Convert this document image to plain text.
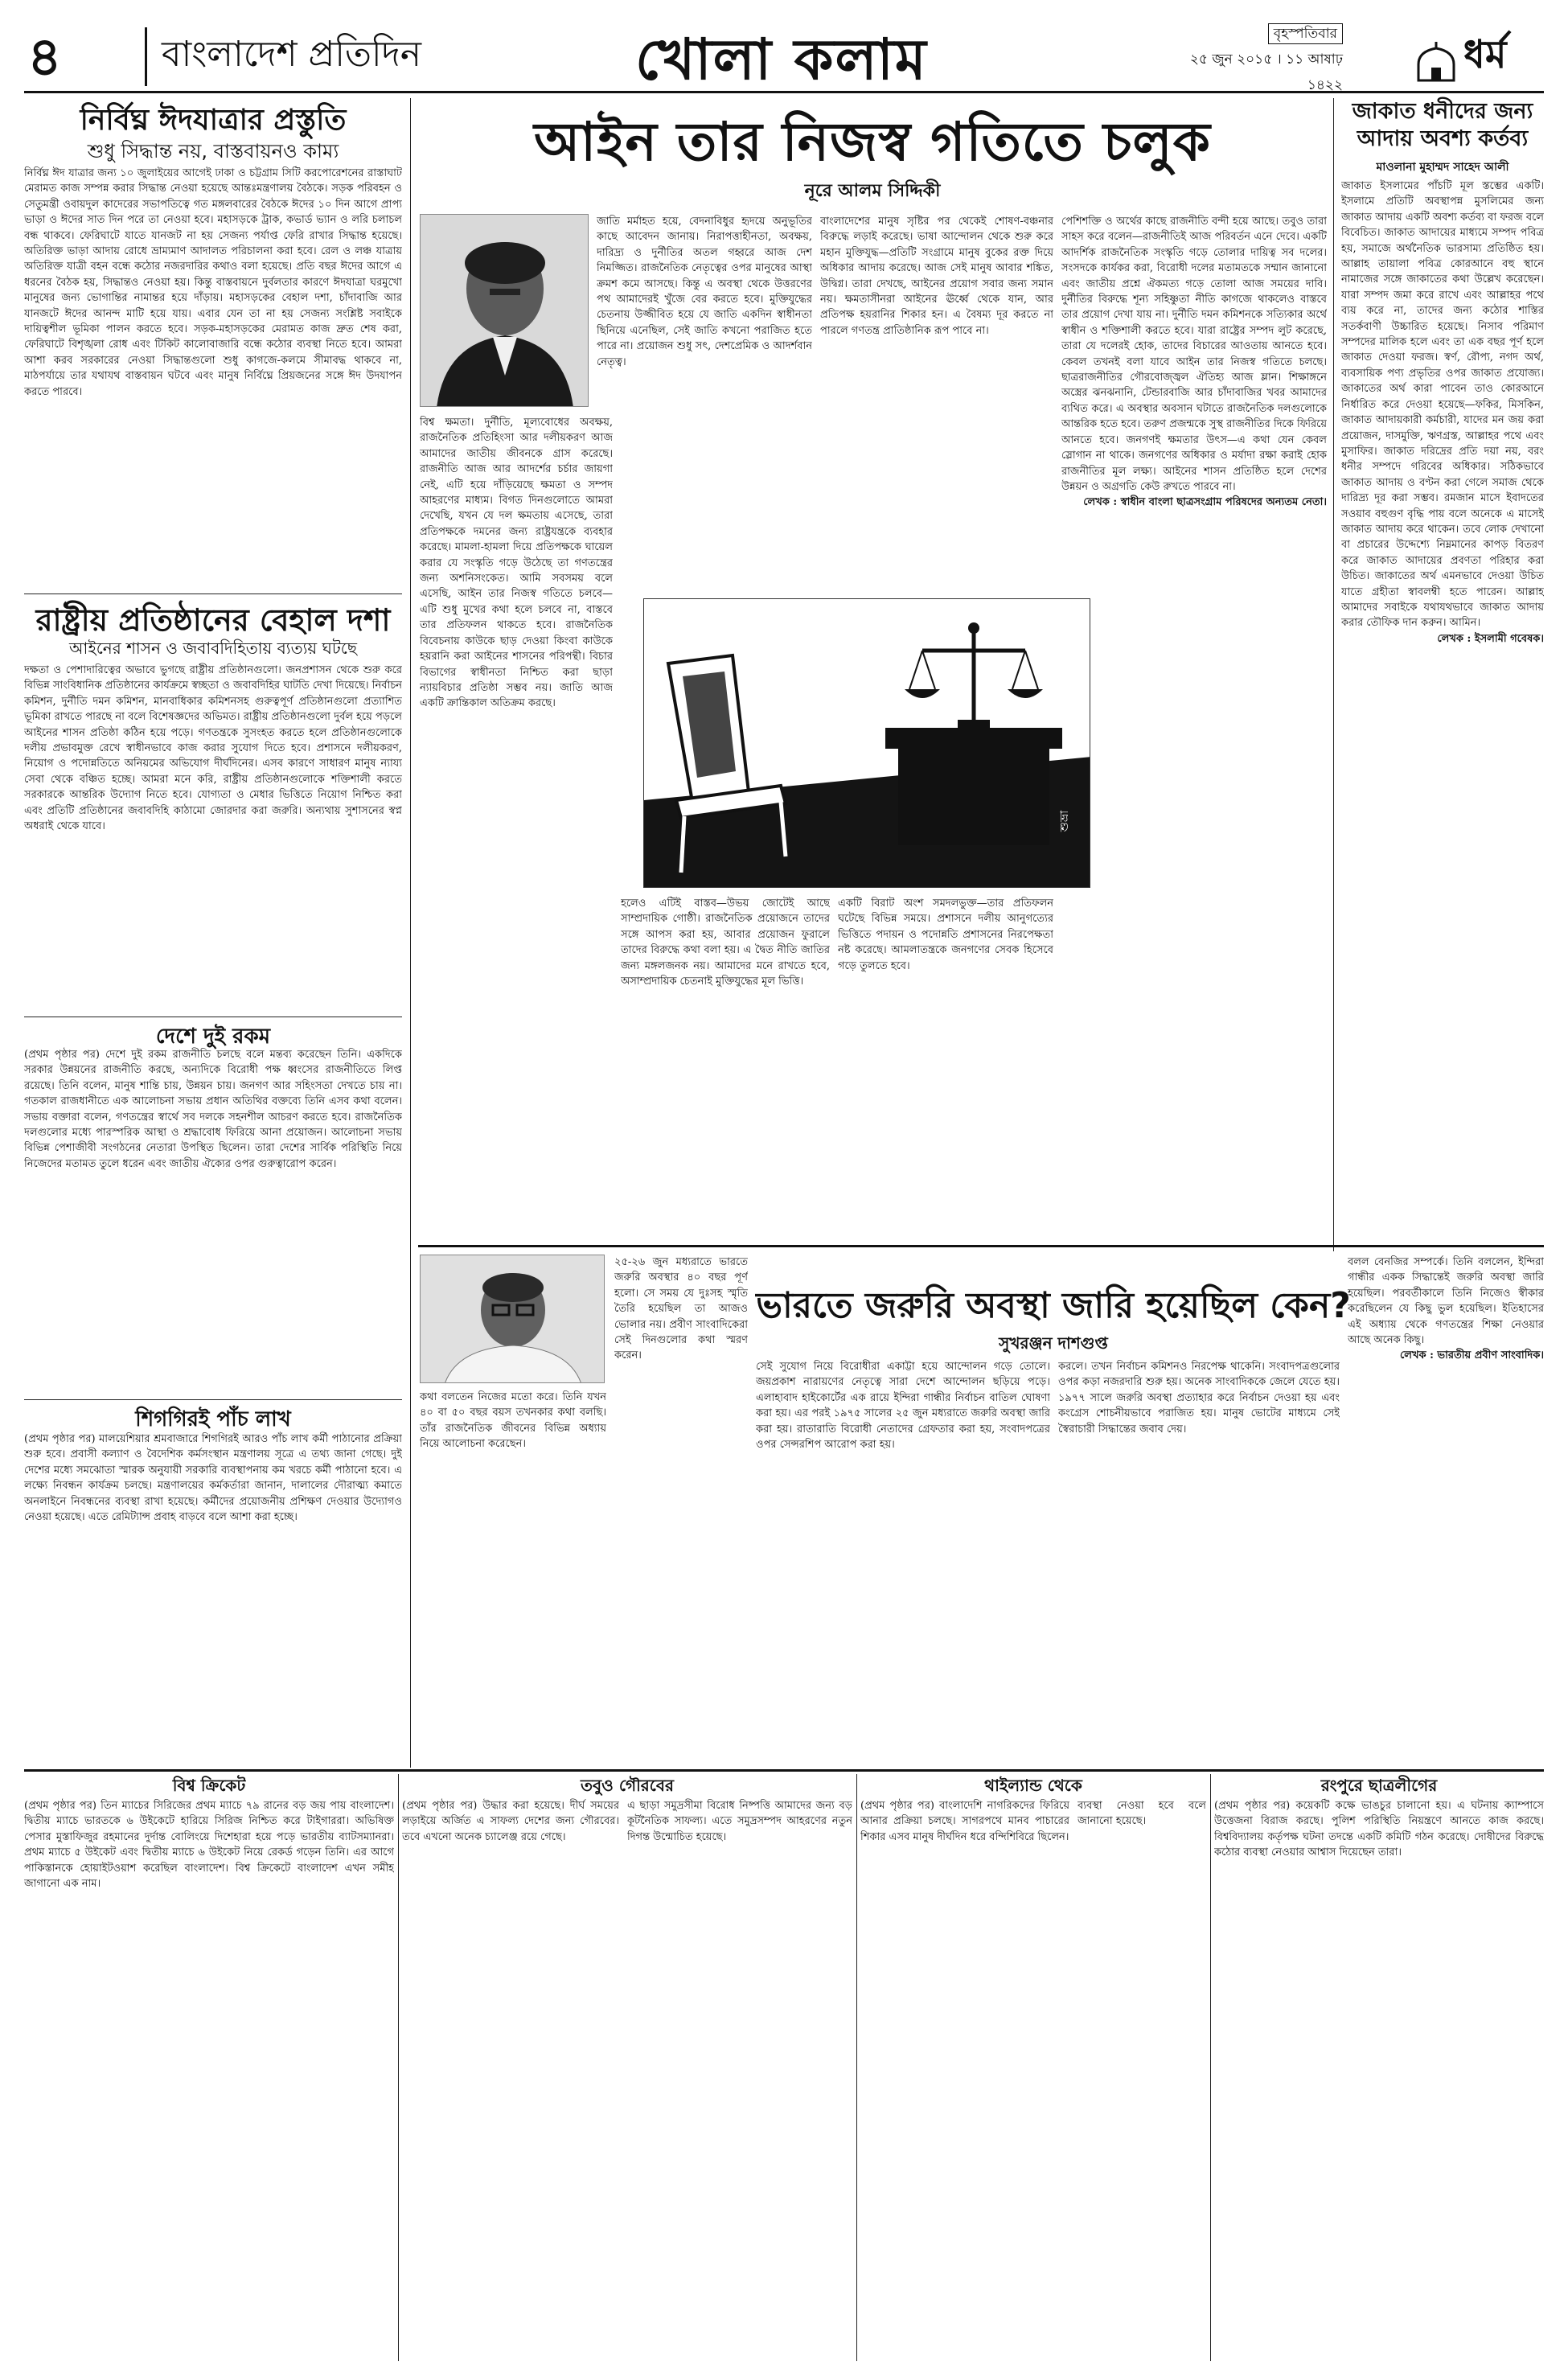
৪	বাংলাদেশ প্রতিদিন	খোলা কলাম	বৃহস্পতিবার
২৫ জুন ২০১৫ । ১১ আষাঢ় ১৪২২
ধর্ম
নির্বিঘ্ন ঈদযাত্রার প্রস্তুতি
শুধু সিদ্ধান্ত নয়, বাস্তবায়নও কাম্য
নির্বিঘ্ন ঈদ যাত্রার জন্য ১০ জুলাইয়ের আগেই ঢাকা ও চট্টগ্রাম সিটি করপোরেশনের রাস্তাঘাট মেরামত কাজ সম্পন্ন করার সিদ্ধান্ত নেওয়া হয়েছে আন্তঃমন্ত্রণালয় বৈঠকে। সড়ক পরিবহন ও সেতুমন্ত্রী ওবায়দুল কাদেরের সভাপতিত্বে গত মঙ্গলবারের বৈঠকে ঈদের ১০ দিন আগে প্রাপ্য ভাড়া ও ঈদের সাত দিন পরে তা নেওয়া হবে। মহাসড়কে ট্রাক, কভার্ড ভ্যান ও লরি চলাচল বন্ধ থাকবে। ফেরিঘাটে যাতে যানজট না হয় সেজন্য পর্যাপ্ত ফেরি রাখার সিদ্ধান্ত হয়েছে। অতিরিক্ত ভাড়া আদায় রোধে ভ্রাম্যমাণ আদালত পরিচালনা করা হবে। রেল ও লঞ্চ যাত্রায় অতিরিক্ত যাত্রী বহন বন্ধে কঠোর নজরদারির কথাও বলা হয়েছে। প্রতি বছর ঈদের আগে এ ধরনের বৈঠক হয়, সিদ্ধান্তও নেওয়া হয়। কিন্তু বাস্তবায়নে দুর্বলতার কারণে ঈদযাত্রা ঘরমুখো মানুষের জন্য ভোগান্তির নামান্তর হয়ে দাঁড়ায়। মহাসড়কের বেহাল দশা, চাঁদাবাজি আর যানজটে ঈদের আনন্দ মাটি হয়ে যায়। এবার যেন তা না হয় সেজন্য সংশ্লিষ্ট সবাইকে দায়িত্বশীল ভূমিকা পালন করতে হবে। সড়ক-মহাসড়কের মেরামত কাজ দ্রুত শেষ করা, ফেরিঘাটে বিশৃঙ্খলা রোধ এবং টিকিট কালোবাজারি বন্ধে কঠোর ব্যবস্থা নিতে হবে। আমরা আশা করব সরকারের নেওয়া সিদ্ধান্তগুলো শুধু কাগজে-কলমে সীমাবদ্ধ থাকবে না, মাঠপর্যায়ে তার যথাযথ বাস্তবায়ন ঘটবে এবং মানুষ নির্বিঘ্নে প্রিয়জনের সঙ্গে ঈদ উদযাপন করতে পারবে।
রাষ্ট্রীয় প্রতিষ্ঠানের বেহাল দশা
আইনের শাসন ও জবাবদিহিতায় ব্যত্যয় ঘটছে
দক্ষতা ও পেশাদারিত্বের অভাবে ভুগছে রাষ্ট্রীয় প্রতিষ্ঠানগুলো। জনপ্রশাসন থেকে শুরু করে বিভিন্ন সাংবিধানিক প্রতিষ্ঠানের কার্যক্রমে স্বচ্ছতা ও জবাবদিহির ঘাটতি দেখা দিয়েছে। নির্বাচন কমিশন, দুর্নীতি দমন কমিশন, মানবাধিকার কমিশনসহ গুরুত্বপূর্ণ প্রতিষ্ঠানগুলো প্রত্যাশিত ভূমিকা রাখতে পারছে না বলে বিশেষজ্ঞদের অভিমত। রাষ্ট্রীয় প্রতিষ্ঠানগুলো দুর্বল হয়ে পড়লে আইনের শাসন প্রতিষ্ঠা কঠিন হয়ে পড়ে। গণতন্ত্রকে সুসংহত করতে হলে প্রতিষ্ঠানগুলোকে দলীয় প্রভাবমুক্ত রেখে স্বাধীনভাবে কাজ করার সুযোগ দিতে হবে। প্রশাসনে দলীয়করণ, নিয়োগ ও পদোন্নতিতে অনিয়মের অভিযোগ দীর্ঘদিনের। এসব কারণে সাধারণ মানুষ ন্যায্য সেবা থেকে বঞ্চিত হচ্ছে। আমরা মনে করি, রাষ্ট্রীয় প্রতিষ্ঠানগুলোকে শক্তিশালী করতে সরকারকে আন্তরিক উদ্যোগ নিতে হবে। যোগ্যতা ও মেধার ভিত্তিতে নিয়োগ নিশ্চিত করা এবং প্রতিটি প্রতিষ্ঠানের জবাবদিহি কাঠামো জোরদার করা জরুরি। অন্যথায় সুশাসনের স্বপ্ন অধরাই থেকে যাবে।
দেশে দুই রকম
(প্রথম পৃষ্ঠার পর) দেশে দুই রকম রাজনীতি চলছে বলে মন্তব্য করেছেন তিনি। একদিকে সরকার উন্নয়নের রাজনীতি করছে, অন্যদিকে বিরোধী পক্ষ ধ্বংসের রাজনীতিতে লিপ্ত রয়েছে। তিনি বলেন, মানুষ শান্তি চায়, উন্নয়ন চায়। জনগণ আর সহিংসতা দেখতে চায় না। গতকাল রাজধানীতে এক আলোচনা সভায় প্রধান অতিথির বক্তব্যে তিনি এসব কথা বলেন। সভায় বক্তারা বলেন, গণতন্ত্রের স্বার্থে সব দলকে সহনশীল আচরণ করতে হবে। রাজনৈতিক দলগুলোর মধ্যে পারস্পরিক আস্থা ও শ্রদ্ধাবোধ ফিরিয়ে আনা প্রয়োজন। আলোচনা সভায় বিভিন্ন পেশাজীবী সংগঠনের নেতারা উপস্থিত ছিলেন। তারা দেশের সার্বিক পরিস্থিতি নিয়ে নিজেদের মতামত তুলে ধরেন এবং জাতীয় ঐক্যের ওপর গুরুত্বারোপ করেন।
শিগগিরই পাঁচ লাখ
(প্রথম পৃষ্ঠার পর) মালয়েশিয়ার শ্রমবাজারে শিগগিরই আরও পাঁচ লাখ কর্মী পাঠানোর প্রক্রিয়া শুরু হবে। প্রবাসী কল্যাণ ও বৈদেশিক কর্মসংস্থান মন্ত্রণালয় সূত্রে এ তথ্য জানা গেছে। দুই দেশের মধ্যে সমঝোতা স্মারক অনুযায়ী সরকারি ব্যবস্থাপনায় কম খরচে কর্মী পাঠানো হবে। এ লক্ষ্যে নিবন্ধন কার্যক্রম চলছে। মন্ত্রণালয়ের কর্মকর্তারা জানান, দালালের দৌরাত্ম্য কমাতে অনলাইনে নিবন্ধনের ব্যবস্থা রাখা হয়েছে। কর্মীদের প্রয়োজনীয় প্রশিক্ষণ দেওয়ার উদ্যোগও নেওয়া হয়েছে। এতে রেমিট্যান্স প্রবাহ বাড়বে বলে আশা করা হচ্ছে।
জাকাত ধনীদের জন্য আদায় অবশ্য কর্তব্য
মাওলানা মুহাম্মদ সাহেদ আলী
জাকাত ইসলামের পাঁচটি মূল স্তম্ভের একটি। ইসলামে প্রতিটি অবস্থাপন্ন মুসলিমের জন্য জাকাত আদায় একটি অবশ্য কর্তব্য বা ফরজ বলে বিবেচিত। জাকাত আদায়ের মাধ্যমে সম্পদ পবিত্র হয়, সমাজে অর্থনৈতিক ভারসাম্য প্রতিষ্ঠিত হয়। আল্লাহ তায়ালা পবিত্র কোরআনে বহু স্থানে নামাজের সঙ্গে জাকাতের কথা উল্লেখ করেছেন। যারা সম্পদ জমা করে রাখে এবং আল্লাহর পথে ব্যয় করে না, তাদের জন্য কঠোর শাস্তির সতর্কবাণী উচ্চারিত হয়েছে। নিসাব পরিমাণ সম্পদের মালিক হলে এবং তা এক বছর পূর্ণ হলে জাকাত দেওয়া ফরজ। স্বর্ণ, রৌপ্য, নগদ অর্থ, ব্যবসায়িক পণ্য প্রভৃতির ওপর জাকাত প্রযোজ্য। জাকাতের অর্থ কারা পাবেন তাও কোরআনে নির্ধারিত করে দেওয়া হয়েছে—ফকির, মিসকিন, জাকাত আদায়কারী কর্মচারী, যাদের মন জয় করা প্রয়োজন, দাসমুক্তি, ঋণগ্রস্ত, আল্লাহর পথে এবং মুসাফির। জাকাত দরিদ্রের প্রতি দয়া নয়, বরং ধনীর সম্পদে গরিবের অধিকার। সঠিকভাবে জাকাত আদায় ও বণ্টন করা গেলে সমাজ থেকে দারিদ্র্য দূর করা সম্ভব। রমজান মাসে ইবাদতের সওয়াব বহুগুণ বৃদ্ধি পায় বলে অনেকে এ মাসেই জাকাত আদায় করে থাকেন। তবে লোক দেখানো বা প্রচারের উদ্দেশ্যে নিম্নমানের কাপড় বিতরণ করে জাকাত আদায়ের প্রবণতা পরিহার করা উচিত। জাকাতের অর্থ এমনভাবে দেওয়া উচিত যাতে গ্রহীতা স্বাবলম্বী হতে পারেন। আল্লাহ আমাদের সবাইকে যথাযথভাবে জাকাত আদায় করার তৌফিক দান করুন। আমিন।
লেখক : ইসলামী গবেষক।
আইন তার নিজস্ব গতিতে চলুক
নূরে আলম সিদ্দিকী
বিশ্ব ক্ষমতা। দুর্নীতি, মূল্যবোধের অবক্ষয়, রাজনৈতিক প্রতিহিংসা আর দলীয়করণ আজ আমাদের জাতীয় জীবনকে গ্রাস করেছে। রাজনীতি আজ আর আদর্শের চর্চার জায়গা নেই, এটি হয়ে দাঁড়িয়েছে ক্ষমতা ও সম্পদ আহরণের মাধ্যম। বিগত দিনগুলোতে আমরা দেখেছি, যখন যে দল ক্ষমতায় এসেছে, তারা প্রতিপক্ষকে দমনের জন্য রাষ্ট্রযন্ত্রকে ব্যবহার করেছে। মামলা-হামলা দিয়ে প্রতিপক্ষকে ঘায়েল করার যে সংস্কৃতি গড়ে উঠেছে তা গণতন্ত্রের জন্য অশনিসংকেত। আমি সবসময় বলে এসেছি, আইন তার নিজস্ব গতিতে চলবে—এটি শুধু মুখের কথা হলে চলবে না, বাস্তবে তার প্রতিফলন থাকতে হবে। রাজনৈতিক বিবেচনায় কাউকে ছাড় দেওয়া কিংবা কাউকে হয়রানি করা আইনের শাসনের পরিপন্থী। বিচার বিভাগের স্বাধীনতা নিশ্চিত করা ছাড়া ন্যায়বিচার প্রতিষ্ঠা সম্ভব নয়। জাতি আজ একটি ক্রান্তিকাল অতিক্রম করছে।
জাতি মর্মাহত হয়ে, বেদনাবিধুর হৃদয়ে অনুভূতির কাছে আবেদন জানায়। নিরাপত্তাহীনতা, অবক্ষয়, দারিদ্র্য ও দুর্নীতির অতল গহ্বরে আজ দেশ নিমজ্জিত। রাজনৈতিক নেতৃত্বের ওপর মানুষের আস্থা ক্রমশ কমে আসছে। কিন্তু এ অবস্থা থেকে উত্তরণের পথ আমাদেরই খুঁজে বের করতে হবে। মুক্তিযুদ্ধের চেতনায় উজ্জীবিত হয়ে যে জাতি একদিন স্বাধীনতা ছিনিয়ে এনেছিল, সেই জাতি কখনো পরাজিত হতে পারে না। প্রয়োজন শুধু সৎ, দেশপ্রেমিক ও আদর্শবান নেতৃত্ব।
বাংলাদেশের মানুষ সৃষ্টির পর থেকেই শোষণ-বঞ্চনার বিরুদ্ধে লড়াই করেছে। ভাষা আন্দোলন থেকে শুরু করে মহান মুক্তিযুদ্ধ—প্রতিটি সংগ্রামে মানুষ বুকের রক্ত দিয়ে অধিকার আদায় করেছে। আজ সেই মানুষ আবার শঙ্কিত, উদ্বিগ্ন। তারা দেখছে, আইনের প্রয়োগ সবার জন্য সমান নয়। ক্ষমতাসীনরা আইনের ঊর্ধ্বে থেকে যান, আর প্রতিপক্ষ হয়রানির শিকার হন। এ বৈষম্য দূর করতে না পারলে গণতন্ত্র প্রাতিষ্ঠানিক রূপ পাবে না।
পেশিশক্তি ও অর্থের কাছে রাজনীতি বন্দী হয়ে আছে। তবুও তারা সাহস করে বলেন—রাজনীতিই আজ পরিবর্তন এনে দেবে। একটি আদর্শিক রাজনৈতিক সংস্কৃতি গড়ে তোলার দায়িত্ব সব দলের। সংসদকে কার্যকর করা, বিরোধী দলের মতামতকে সম্মান জানানো এবং জাতীয় প্রশ্নে ঐকমত্য গড়ে তোলা আজ সময়ের দাবি। দুর্নীতির বিরুদ্ধে শূন্য সহিষ্ণুতা নীতি কাগজে থাকলেও বাস্তবে তার প্রয়োগ দেখা যায় না। দুর্নীতি দমন কমিশনকে সত্যিকার অর্থে স্বাধীন ও শক্তিশালী করতে হবে। যারা রাষ্ট্রের সম্পদ লুট করেছে, তারা যে দলেরই হোক, তাদের বিচারের আওতায় আনতে হবে। কেবল তখনই বলা যাবে আইন তার নিজস্ব গতিতে চলছে। ছাত্ররাজনীতির গৌরবোজ্জ্বল ঐতিহ্য আজ ম্লান। শিক্ষাঙ্গনে অস্ত্রের ঝনঝনানি, টেন্ডারবাজি আর চাঁদাবাজির খবর আমাদের ব্যথিত করে। এ অবস্থার অবসান ঘটাতে রাজনৈতিক দলগুলোকে আন্তরিক হতে হবে। তরুণ প্রজন্মকে সুস্থ রাজনীতির দিকে ফিরিয়ে আনতে হবে। জনগণই ক্ষমতার উৎস—এ কথা যেন কেবল স্লোগান না থাকে। জনগণের অধিকার ও মর্যাদা রক্ষা করাই হোক রাজনীতির মূল লক্ষ্য। আইনের শাসন প্রতিষ্ঠিত হলে দেশের উন্নয়ন ও অগ্রগতি কেউ রুখতে পারবে না।
লেখক : স্বাধীন বাংলা ছাত্রসংগ্রাম পরিষদের অন্যতম নেতা।
শুভ্রা
হলেও এটিই বাস্তব—উভয় জোটেই আছে সাম্প্রদায়িক গোষ্ঠী। রাজনৈতিক প্রয়োজনে তাদের সঙ্গে আপস করা হয়, আবার প্রয়োজন ফুরালে তাদের বিরুদ্ধে কথা বলা হয়। এ দ্বৈত নীতি জাতির জন্য মঙ্গলজনক নয়। আমাদের মনে রাখতে হবে, অসাম্প্রদায়িক চেতনাই মুক্তিযুদ্ধের মূল ভিত্তি।
একটি বিরাট অংশ সমদলভুক্ত—তার প্রতিফলন ঘটেছে বিভিন্ন সময়ে। প্রশাসনে দলীয় আনুগত্যের ভিত্তিতে পদায়ন ও পদোন্নতি প্রশাসনের নিরপেক্ষতা নষ্ট করেছে। আমলাতন্ত্রকে জনগণের সেবক হিসেবে গড়ে তুলতে হবে।
কথা বলতেন নিজের মতো করে। তিনি যখন ৪০ বা ৫০ বছর বয়স তখনকার কথা বলছি। তাঁর রাজনৈতিক জীবনের বিভিন্ন অধ্যায় নিয়ে আলোচনা করেছেন।
২৫-২৬ জুন মধ্যরাতে ভারতে জরুরি অবস্থার ৪০ বছর পূর্ণ হলো। সে সময় যে দুঃসহ স্মৃতি তৈরি হয়েছিল তা আজও ভোলার নয়। প্রবীণ সাংবাদিকেরা সেই দিনগুলোর কথা স্মরণ করেন।
ভারতে জরুরি অবস্থা জারি হয়েছিল কেন?
সুখরঞ্জন দাশগুপ্ত
সেই সুযোগ নিয়ে বিরোধীরা একাট্টা হয়ে আন্দোলন গড়ে তোলে। জয়প্রকাশ নারায়ণের নেতৃত্বে সারা দেশে আন্দোলন ছড়িয়ে পড়ে। এলাহাবাদ হাইকোর্টের এক রায়ে ইন্দিরা গান্ধীর নির্বাচন বাতিল ঘোষণা করা হয়। এর পরই ১৯৭৫ সালের ২৫ জুন মধ্যরাতে জরুরি অবস্থা জারি করা হয়। রাতারাতি বিরোধী নেতাদের গ্রেফতার করা হয়, সংবাদপত্রের ওপর সেন্সরশিপ আরোপ করা হয়।
করলে। তখন নির্বাচন কমিশনও নিরপেক্ষ থাকেনি। সংবাদপত্রগুলোর ওপর কড়া নজরদারি শুরু হয়। অনেক সাংবাদিককে জেলে যেতে হয়। ১৯৭৭ সালে জরুরি অবস্থা প্রত্যাহার করে নির্বাচন দেওয়া হয় এবং কংগ্রেস শোচনীয়ভাবে পরাজিত হয়। মানুষ ভোটের মাধ্যমে সেই স্বৈরাচারী সিদ্ধান্তের জবাব দেয়।
বলল বেনজির সম্পর্কে। তিনি বললেন, ইন্দিরা গান্ধীর একক সিদ্ধান্তেই জরুরি অবস্থা জারি হয়েছিল। পরবর্তীকালে তিনি নিজেও স্বীকার করেছিলেন যে কিছু ভুল হয়েছিল। ইতিহাসের এই অধ্যায় থেকে গণতন্ত্রের শিক্ষা নেওয়ার আছে অনেক কিছু।
লেখক : ভারতীয় প্রবীণ সাংবাদিক।
বিশ্ব ক্রিকেট
(প্রথম পৃষ্ঠার পর) তিন ম্যাচের সিরিজের প্রথম ম্যাচে ৭৯ রানের বড় জয় পায় বাংলাদেশ। দ্বিতীয় ম্যাচে ভারতকে ৬ উইকেটে হারিয়ে সিরিজ নিশ্চিত করে টাইগাররা। অভিষিক্ত পেসার মুস্তাফিজুর রহমানের দুর্দান্ত বোলিংয়ে দিশেহারা হয়ে পড়ে ভারতীয় ব্যাটসম্যানরা। প্রথম ম্যাচে ৫ উইকেট এবং দ্বিতীয় ম্যাচে ৬ উইকেট নিয়ে রেকর্ড গড়েন তিনি। এর আগে পাকিস্তানকে হোয়াইটওয়াশ করেছিল বাংলাদেশ। বিশ্ব ক্রিকেটে বাংলাদেশ এখন সমীহ জাগানো এক নাম।
তবুও গৌরবের
(প্রথম পৃষ্ঠার পর) উদ্ধার করা হয়েছে। দীর্ঘ সময়ের লড়াইয়ে অর্জিত এ সাফল্য দেশের জন্য গৌরবের। তবে এখনো অনেক চ্যালেঞ্জ রয়ে গেছে।
এ ছাড়া সমুদ্রসীমা বিরোধ নিষ্পত্তি আমাদের জন্য বড় কূটনৈতিক সাফল্য। এতে সমুদ্রসম্পদ আহরণের নতুন দিগন্ত উন্মোচিত হয়েছে।
থাইল্যান্ড থেকে
(প্রথম পৃষ্ঠার পর) বাংলাদেশি নাগরিকদের ফিরিয়ে আনার প্রক্রিয়া চলছে। সাগরপথে মানব পাচারের শিকার এসব মানুষ দীর্ঘদিন ধরে বন্দিশিবিরে ছিলেন।
ব্যবস্থা নেওয়া হবে বলে জানানো হয়েছে।
রংপুরে ছাত্রলীগের
(প্রথম পৃষ্ঠার পর) কয়েকটি কক্ষে ভাঙচুর চালানো হয়। এ ঘটনায় ক্যাম্পাসে উত্তেজনা বিরাজ করছে। পুলিশ পরিস্থিতি নিয়ন্ত্রণে আনতে কাজ করছে। বিশ্ববিদ্যালয় কর্তৃপক্ষ ঘটনা তদন্তে একটি কমিটি গঠন করেছে। দোষীদের বিরুদ্ধে কঠোর ব্যবস্থা নেওয়ার আশ্বাস দিয়েছেন তারা।
